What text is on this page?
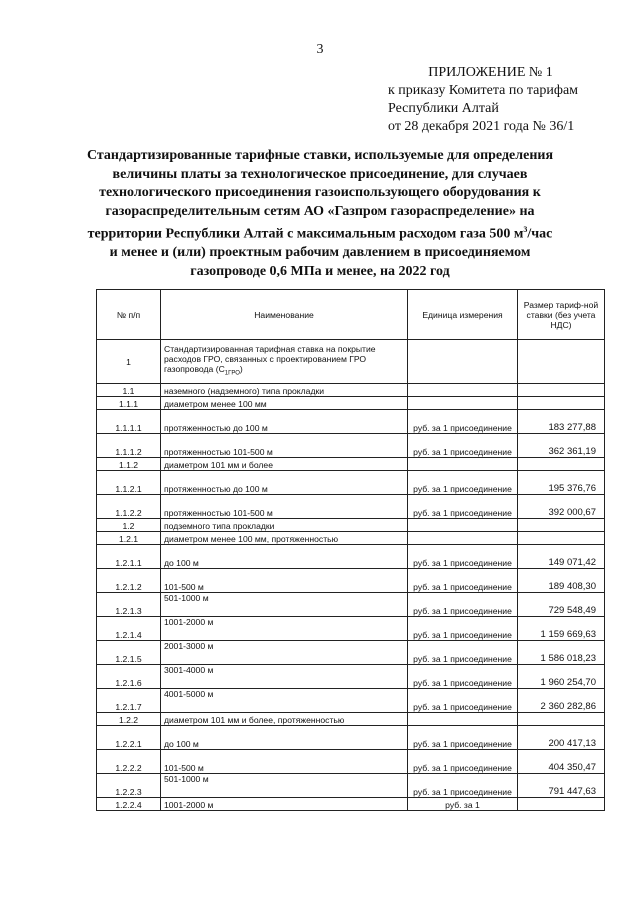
3
ПРИЛОЖЕНИЕ № 1
к приказу Комитета по тарифам
Республики Алтай
от 28 декабря 2021 года № 36/1
Стандартизированные тарифные ставки, используемые для определения
величины платы за технологическое присоединение, для случаев
технологического присоединения газоиспользующего оборудования к
газораспределительным сетям АО «Газпром газораспределение» на
территории Республики Алтай с максимальным расходом газа 500 $м^3$/час
и менее и (или) проектным рабочим давлением в присоединяемом
газопроводе 0,6 МПа и менее, на 2022 год
№ п/п	Наименование	Единица измерения	Размер тариф-ной ставки (без учета НДС)
1	Стандартизированная тарифная ставка на покрытие расходов ГРО, связанных с проектированием ГРО газопровода $(С_{1ГРО})$		
1.1	наземного (надземного) типа прокладки		
1.1.1	диаметром менее 100 мм		
1.1.1.1	протяженностью до 100 м	руб. за 1 присоединение	183 277,88
1.1.1.2	протяженностью 101-500 м	руб. за 1 присоединение	362 361,19
1.1.2	диаметром 101 мм и более		
1.1.2.1	протяженностью до 100 м	руб. за 1 присоединение	195 376,76
1.1.2.2	протяженностью 101-500 м	руб. за 1 присоединение	392 000,67
1.2	подземного типа прокладки		
1.2.1	диаметром менее 100 мм, протяженностью		
1.2.1.1	до 100 м	руб. за 1 присоединение	149 071,42
1.2.1.2	101-500 м	руб. за 1 присоединение	189 408,30
1.2.1.3	501-1000 м	руб. за 1 присоединение	729 548,49
1.2.1.4	1001-2000 м	руб. за 1 присоединение	1 159 669,63
1.2.1.5	2001-3000 м	руб. за 1 присоединение	1 586 018,23
1.2.1.6	3001-4000 м	руб. за 1 присоединение	1 960 254,70
1.2.1.7	4001-5000 м	руб. за 1 присоединение	2 360 282,86
1.2.2	диаметром 101 мм и более, протяженностью		
1.2.2.1	до 100 м	руб. за 1 присоединение	200 417,13
1.2.2.2	101-500 м	руб. за 1 присоединение	404 350,47
1.2.2.3	501-1000 м	руб. за 1 присоединение	791 447,63
1.2.2.4	1001-2000 м	руб. за 1	
